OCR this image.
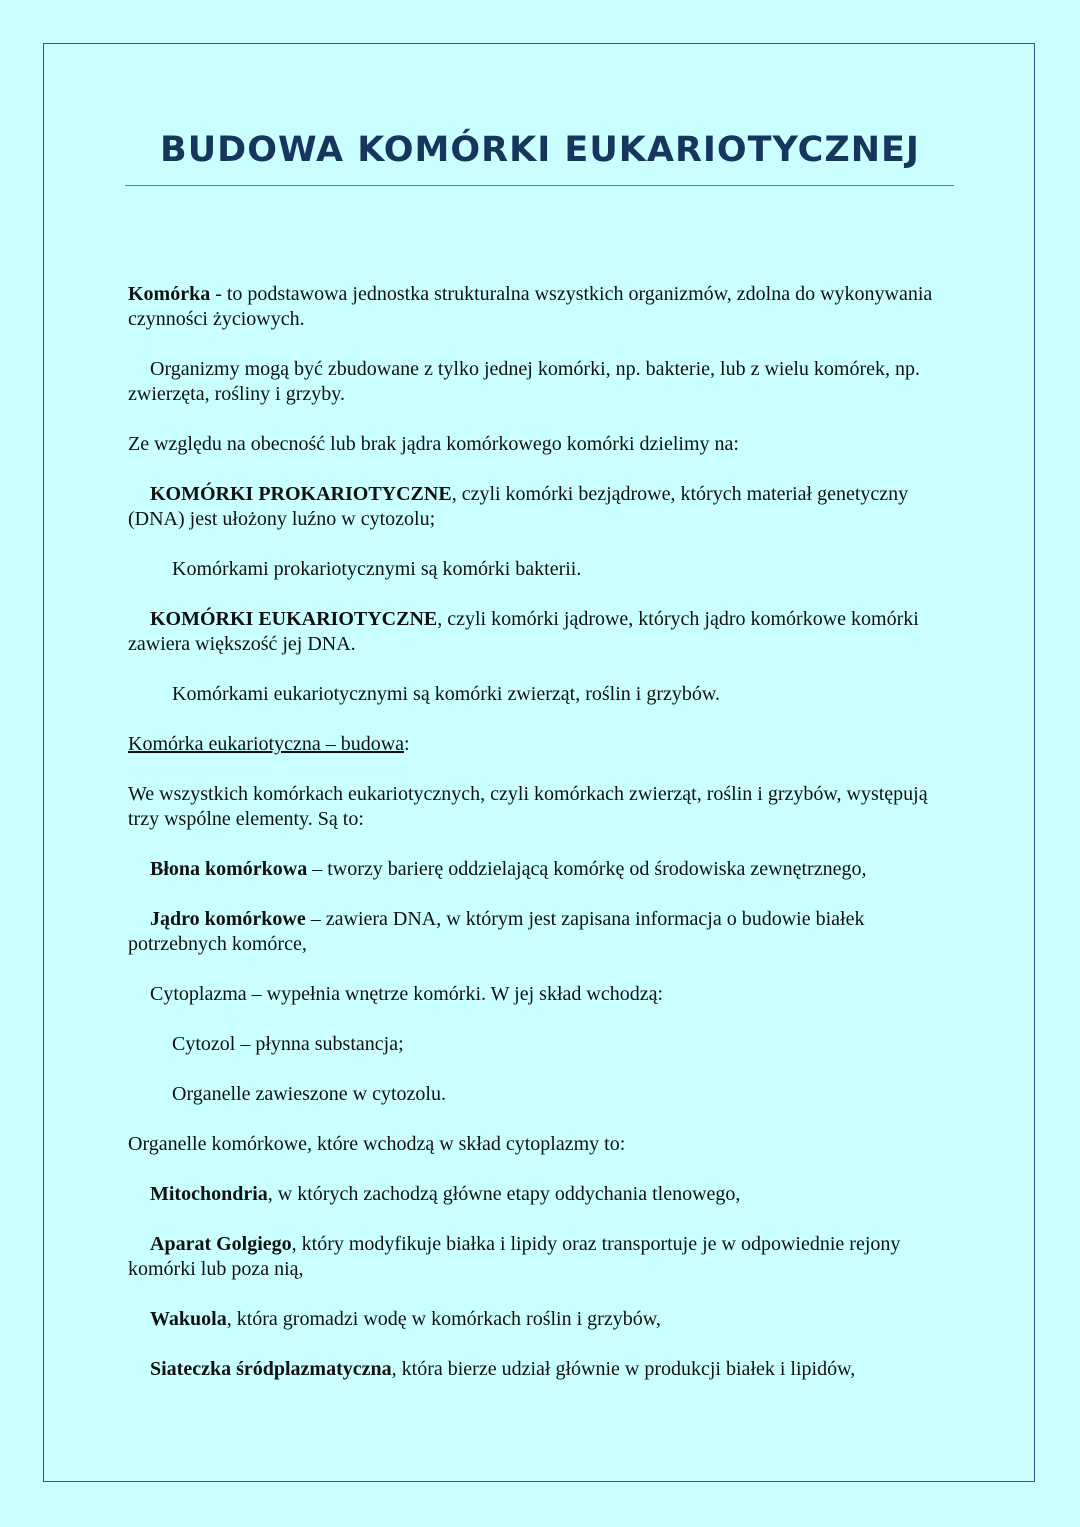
BUDOWA KOMÓRKI EUKARIOTYCZNEJ

Komórka - to podstawowa jednostka strukturalna wszystkich organizmów, zdolna do wykonywania czynności życiowych.

Organizmy mogą być zbudowane z tylko jednej komórki, np. bakterie, lub z wielu komórek, np. zwierzęta, rośliny i grzyby.

Ze względu na obecność lub brak jądra komórkowego komórki dzielimy na:

KOMÓRKI PROKARIOTYCZNE, czyli komórki bezjądrowe, których materiał genetyczny (DNA) jest ułożony luźno w cytozolu;

Komórkami prokariotycznymi są komórki bakterii.

KOMÓRKI EUKARIOTYCZNE, czyli komórki jądrowe, których jądro komórkowe komórki zawiera większość jej DNA.

Komórkami eukariotycznymi są komórki zwierząt, roślin i grzybów.

Komórka eukariotyczna – budowa:

We wszystkich komórkach eukariotycznych, czyli komórkach zwierząt, roślin i grzybów, występują trzy wspólne elementy. Są to:

Błona komórkowa – tworzy barierę oddzielającą komórkę od środowiska zewnętrznego,

Jądro komórkowe – zawiera DNA, w którym jest zapisana informacja o budowie białek potrzebnych komórce,

Cytoplazma – wypełnia wnętrze komórki. W jej skład wchodzą:

Cytozol – płynna substancja;

Organelle zawieszone w cytozolu.

Organelle komórkowe, które wchodzą w skład cytoplazmy to:

Mitochondria, w których zachodzą główne etapy oddychania tlenowego,

Aparat Golgiego, który modyfikuje białka i lipidy oraz transportuje je w odpowiednie rejony komórki lub poza nią,

Wakuola, która gromadzi wodę w komórkach roślin i grzybów,

Siateczka śródplazmatyczna, która bierze udział głównie w produkcji białek i lipidów,
